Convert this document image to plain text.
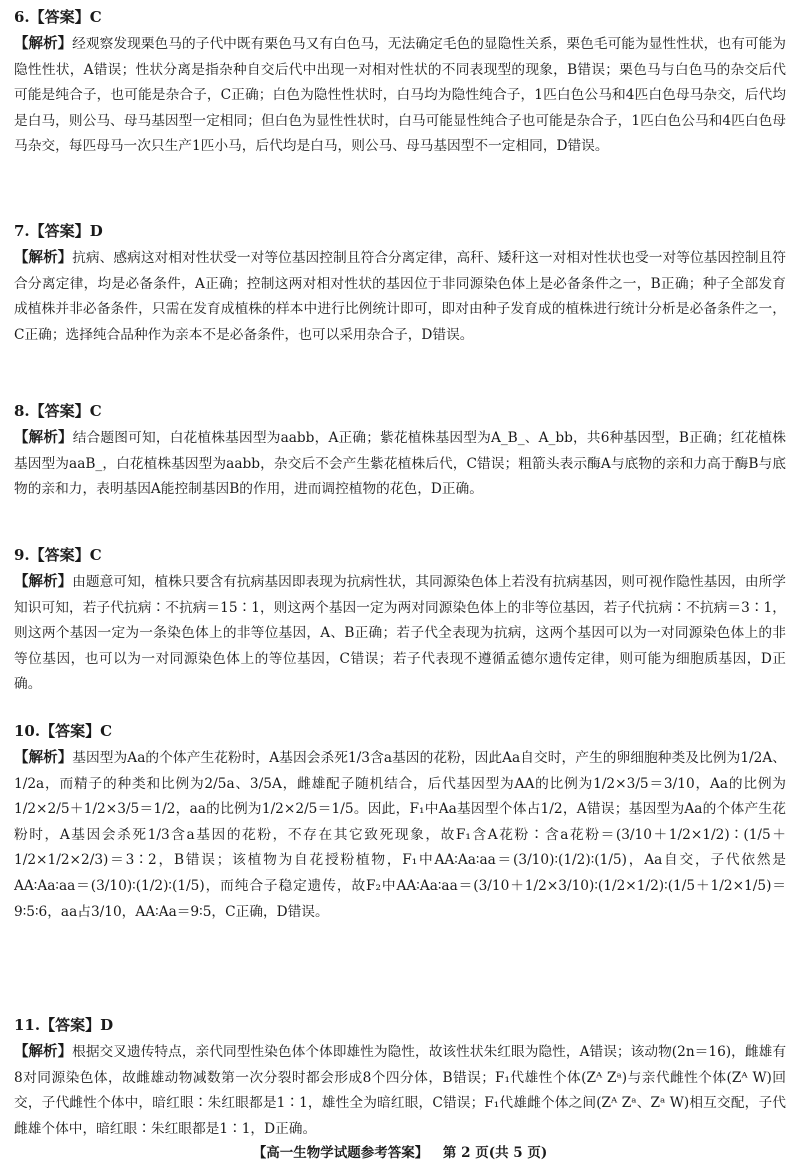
6.【答案】C
【解析】经观察发现栗色马的子代中既有栗色马又有白色马，无法确定毛色的显隐性关系，栗色毛可能为显性性状，也有可能为隐性性状，A错误；性状分离是指杂种自交后代中出现一对相对性状的不同表现型的现象，B错误；栗色马与白色马的杂交后代可能是纯合子，也可能是杂合子，C正确；白色为隐性性状时，白马均为隐性纯合子，1匹白色公马和4匹白色母马杂交，后代均是白马，则公马、母马基因型一定相同；但白色为显性性状时，白马可能显性纯合子也可能是杂合子，1匹白色公马和4匹白色母马杂交，每匹母马一次只生产1匹小马，后代均是白马，则公马、母马基因型不一定相同，D错误。
7.【答案】D
【解析】抗病、感病这对相对性状受一对等位基因控制且符合分离定律，高秆、矮秆这一对相对性状也受一对等位基因控制且符合分离定律，均是必备条件，A正确；控制这两对相对性状的基因位于非同源染色体上是必备条件之一，B正确；种子全部发育成植株并非必备条件，只需在发育成植株的样本中进行比例统计即可，即对由种子发育成的植株进行统计分析是必备条件之一，C正确；选择纯合品种作为亲本不是必备条件，也可以采用杂合子，D错误。
8.【答案】C
【解析】结合题图可知，白花植株基因型为aabb，A正确；紫花植株基因型为A_B_、A_bb，共6种基因型，B正确；红花植株基因型为aaB_，白花植株基因型为aabb，杂交后不会产生紫花植株后代，C错误；粗箭头表示酶A与底物的亲和力高于酶B与底物的亲和力，表明基因A能控制基因B的作用，进而调控植物的花色，D正确。
9.【答案】C
【解析】由题意可知，植株只要含有抗病基因即表现为抗病性状，其同源染色体上若没有抗病基因，则可视作隐性基因，由所学知识可知，若子代抗病∶不抗病＝15∶1，则这两个基因一定为两对同源染色体上的非等位基因，若子代抗病∶不抗病＝3∶1，则这两个基因一定为一条染色体上的非等位基因，A、B正确；若子代全表现为抗病，这两个基因可以为一对同源染色体上的非等位基因，也可以为一对同源染色体上的等位基因，C错误；若子代表现不遵循孟德尔遗传定律，则可能为细胞质基因，D正确。
10.【答案】C
【解析】基因型为Aa的个体产生花粉时，A基因会杀死1/3含a基因的花粉，因此Aa自交时，产生的卵细胞种类及比例为1/2A、1/2a，而精子的种类和比例为2/5a、3/5A，雌雄配子随机结合，后代基因型为AA的比例为1/2×3/5＝3/10，Aa的比例为1/2×2/5＋1/2×3/5＝1/2，aa的比例为1/2×2/5＝1/5。因此，F₁中Aa基因型个体占1/2，A错误；基因型为Aa的个体产生花粉时，A基因会杀死1/3含a基因的花粉，不存在其它致死现象，故F₁含A花粉∶含a花粉＝(3/10＋1/2×1/2)∶(1/5＋1/2×1/2×2/3)＝3∶2，B错误；该植物为自花授粉植物，F₁中AA∶Aa∶aa＝(3/10)∶(1/2)∶(1/5)，Aa自交，子代依然是AA∶Aa∶aa＝(3/10)∶(1/2)∶(1/5)，而纯合子稳定遗传，故F₂中AA∶Aa∶aa＝(3/10＋1/2×3/10)∶(1/2×1/2)∶(1/5＋1/2×1/5)＝9∶5∶6，aa占3/10，AA∶Aa＝9∶5，C正确，D错误。
11.【答案】D
【解析】根据交叉遗传特点，亲代同型性染色体个体即雄性为隐性，故该性状朱红眼为隐性，A错误；该动物(2n＝16)，雌雄有8对同源染色体，故雌雄动物减数第一次分裂时都会形成8个四分体，B错误；F₁代雄性个体(Zᴬ Zᵃ)与亲代雌性个体(Zᴬ W)回交，子代雌性个体中，暗红眼∶朱红眼都是1∶1，雄性全为暗红眼，C错误；F₁代雄雌个体之间(Zᴬ Zᵃ、Zᵃ W)相互交配，子代雌雄个体中，暗红眼∶朱红眼都是1∶1，D正确。
【高一生物学试题参考答案】 第 2 页(共 5 页)
